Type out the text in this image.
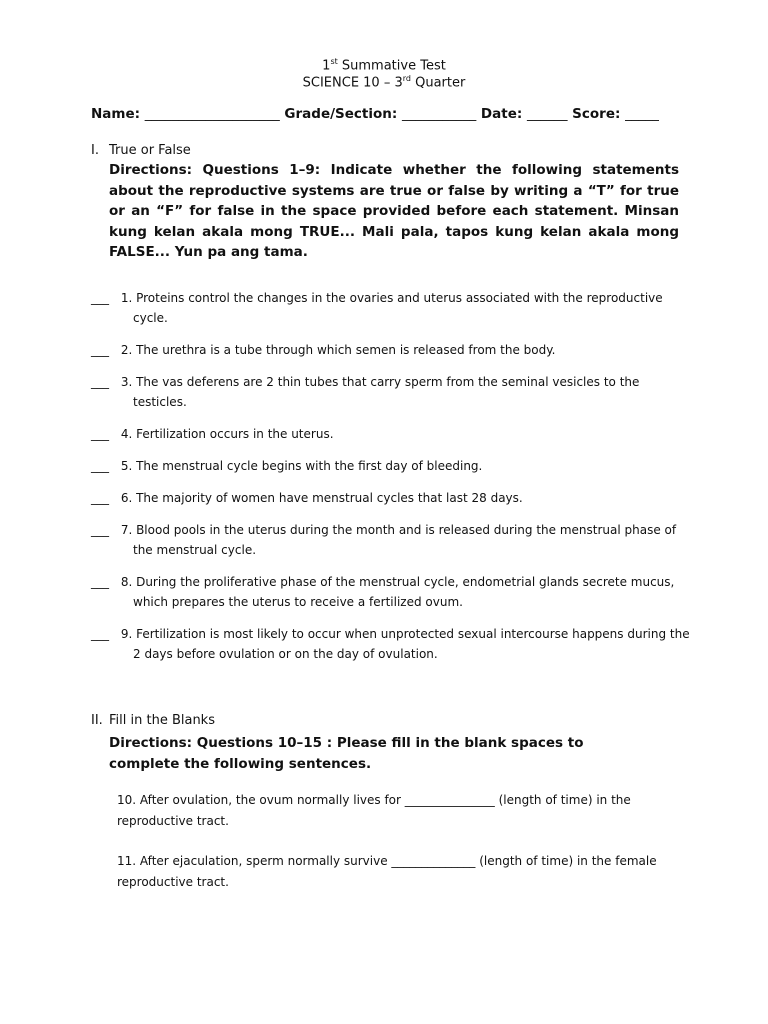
1st Summative Test
SCIENCE 10 – 3rd Quarter
Name: ____________________ Grade/Section: ___________ Date: ______ Score: _____
I. True or False
Directions: Questions 1–9: Indicate whether the following statements about the reproductive systems are true or false by writing a “T” for true or an “F” for false in the space provided before each statement. Minsan kung kelan akala mong TRUE... Mali pala, tapos kung kelan akala mong FALSE... Yun pa ang tama.
___ 1. Proteins control the changes in the ovaries and uterus associated with the reproductive cycle.
___ 2. The urethra is a tube through which semen is released from the body.
___ 3. The vas deferens are 2 thin tubes that carry sperm from the seminal vesicles to the testicles.
___ 4. Fertilization occurs in the uterus.
___ 5. The menstrual cycle begins with the first day of bleeding.
___ 6. The majority of women have menstrual cycles that last 28 days.
___ 7. Blood pools in the uterus during the month and is released during the menstrual phase of the menstrual cycle.
___ 8. During the proliferative phase of the menstrual cycle, endometrial glands secrete mucus, which prepares the uterus to receive a fertilized ovum.
___ 9. Fertilization is most likely to occur when unprotected sexual intercourse happens during the 2 days before ovulation or on the day of ovulation.
II. Fill in the Blanks
Directions: Questions 10–15 : Please fill in the blank spaces to complete the following sentences.
10. After ovulation, the ovum normally lives for _______________ (length of time) in the reproductive tract.
11. After ejaculation, sperm normally survive ______________ (length of time) in the female reproductive tract.
